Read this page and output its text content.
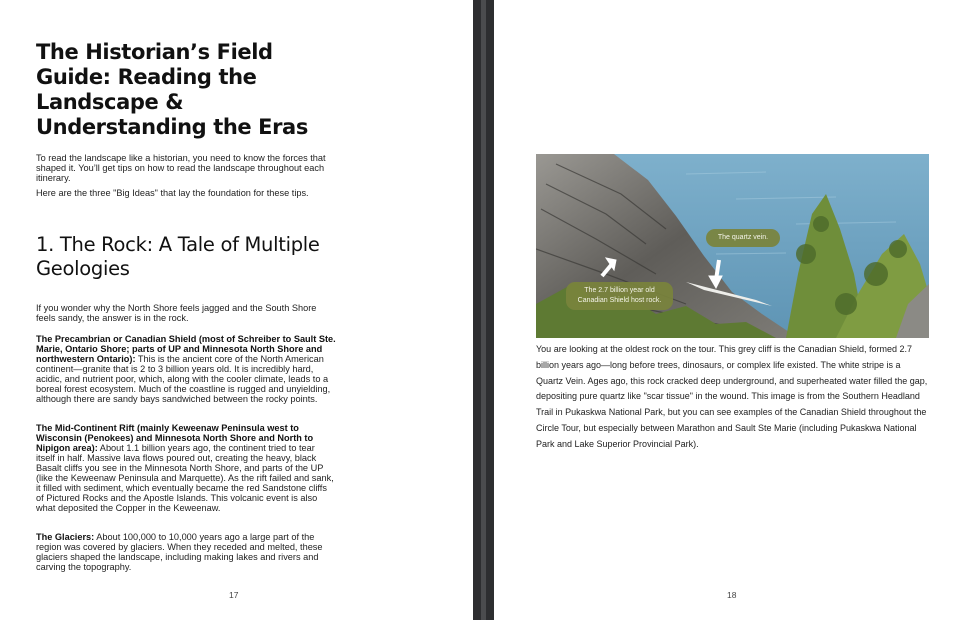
The Historian’s Field Guide: Reading the Landscape & Understanding the Eras

To read the landscape like a historian, you need to know the forces that shaped it. You’ll get tips on how to read the landscape throughout each itinerary.

Here are the three "Big Ideas" that lay the foundation for these tips.

1. The Rock: A Tale of Multiple Geologies
If you wonder why the North Shore feels jagged and the South Shore feels sandy, the answer is in the rock.
The Precambrian or Canadian Shield (most of Schreiber to Sault Ste. Marie, Ontario Shore; parts of UP and Minnesota North Shore and northwestern Ontario): This is the ancient core of the North American continent—granite that is 2 to 3 billion years old. It is incredibly hard, acidic, and nutrient poor, which, along with the cooler climate, leads to a boreal forest ecosystem. Much of the coastline is rugged and unyielding, although there are sandy bays sandwiched between the rocky points.
The Mid-Continent Rift (mainly Keweenaw Peninsula west to Wisconsin (Penokees) and Minnesota North Shore and North to Nipigon area): About 1.1 billion years ago, the continent tried to tear itself in half. Massive lava flows poured out, creating the heavy, black Basalt cliffs you see in the Minnesota North Shore, and parts of the UP (like the Keweenaw Peninsula and Marquette). As the rift failed and sank, it filled with sediment, which eventually became the red Sandstone cliffs of Pictured Rocks and the Apostle Islands. This volcanic event is also what deposited the Copper in the Keweenaw.
The Glaciers: About 100,000 to 10,000 years ago a large part of the region was covered by glaciers. When they receded and melted, these glaciers shaped the landscape, including making lakes and rivers and carving the topography.
17
The quartz vein.
The 2.7 billion year old Canadian Shield host rock.
You are looking at the oldest rock on the tour. This grey cliff is the Canadian Shield, formed 2.7 billion years ago—long before trees, dinosaurs, or complex life existed. The white stripe is a Quartz Vein. Ages ago, this rock cracked deep underground, and superheated water filled the gap, depositing pure quartz like "scar tissue" in the wound. This image is from the Southern Headland Trail in Pukaskwa National Park, but you can see examples of the Canadian Shield throughout the Circle Tour, but especially between Marathon and Sault Ste Marie (including Pukaskwa National Park and Lake Superior Provincial Park).
18
